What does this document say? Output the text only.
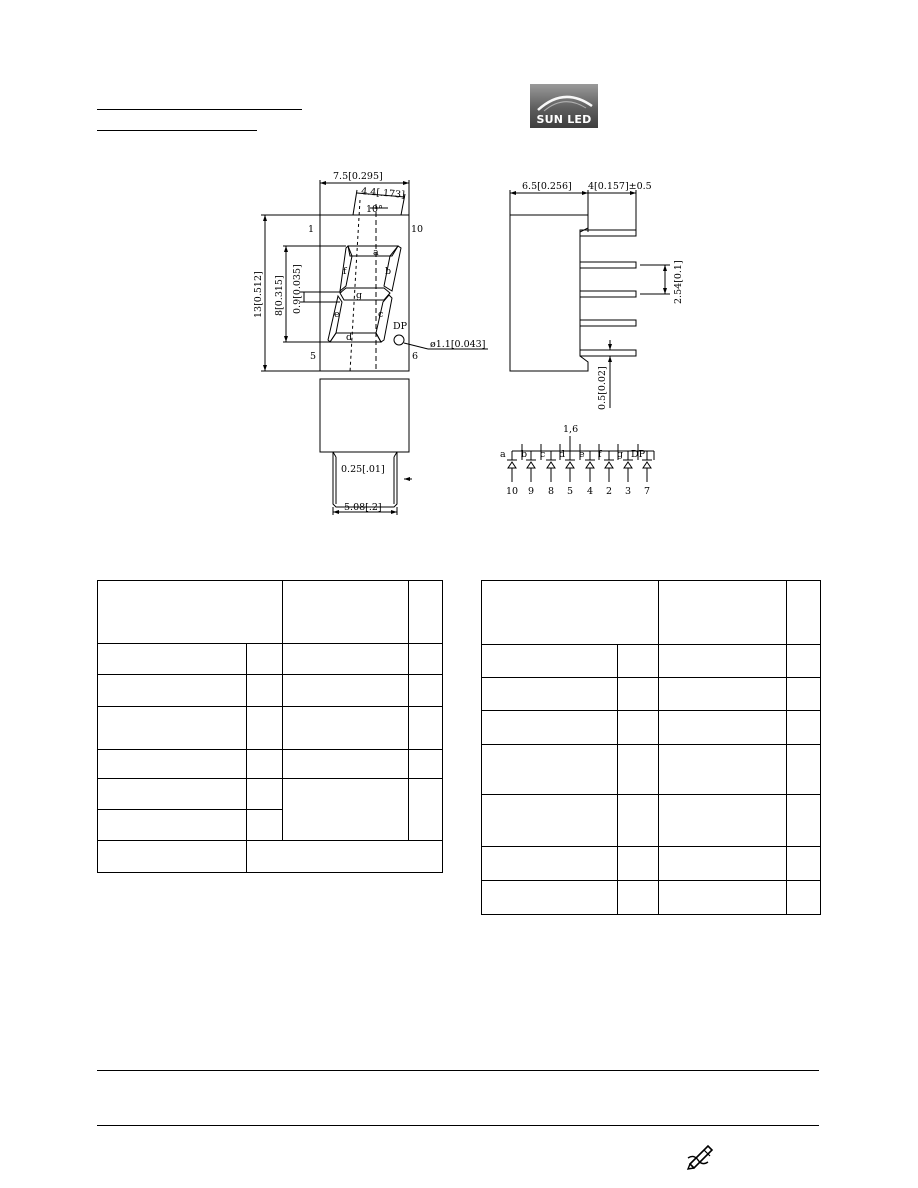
SUN LED
7.5[0.295]
4.4[.173]
10°
13[0.512] 8[0.315] 0.9[0.035]
ø1.1[0.043]
1	10
5	6
a
b
c
d
e
f
g
DP
0.25[.01]
5.08[.2]
6.5[0.256] 4[0.157]±0.5
2.54[0.1]
0.5[0.02]
1,6
a b c d e f g DP
10 9 8 5 4 2 3 7
